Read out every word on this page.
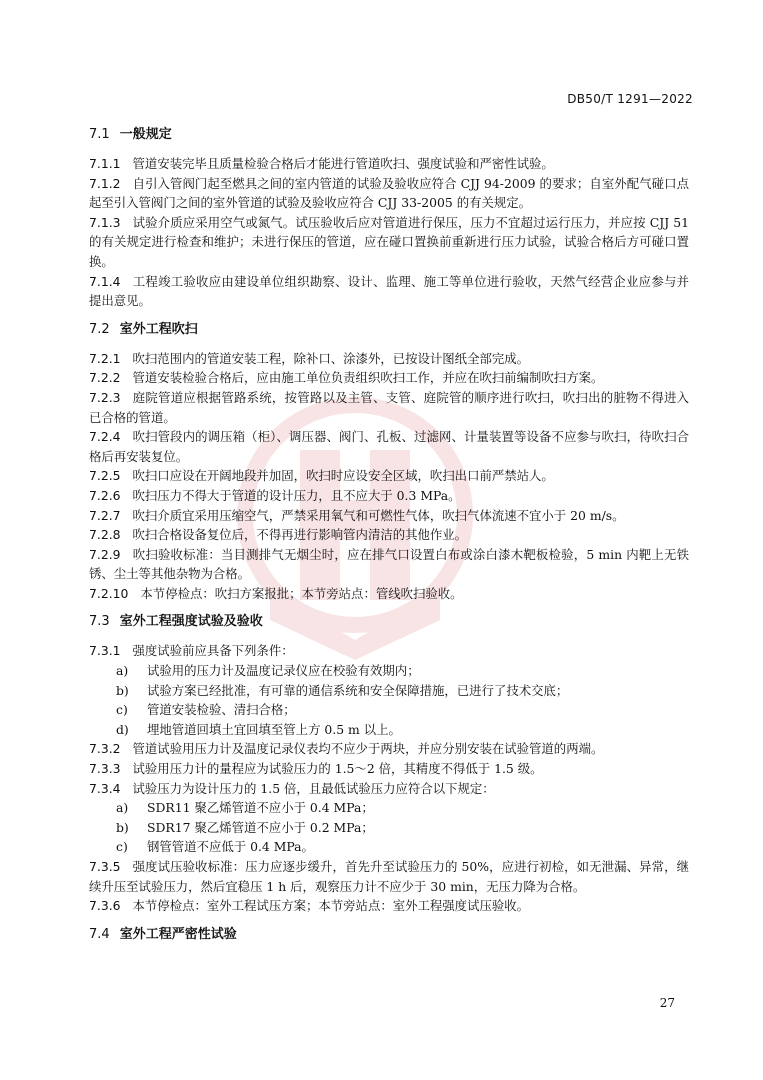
DB50/T 1291—2022
7.1 一般规定

7.1.1 管道安装完毕且质量检验合格后才能进行管道吹扫、强度试验和严密性试验。

7.1.2 自引入管阀门起至燃具之间的室内管道的试验及验收应符合 CJJ 94-2009 的要求；自室外配气碰口点起至引入管阀门之间的室外管道的试验及验收应符合 CJJ 33-2005 的有关规定。

7.1.3 试验介质应采用空气或氮气。试压验收后应对管道进行保压，压力不宜超过运行压力，并应按 CJJ 51 的有关规定进行检查和维护；未进行保压的管道，应在碰口置换前重新进行压力试验，试验合格后方可碰口置换。

7.1.4 工程竣工验收应由建设单位组织勘察、设计、监理、施工等单位进行验收，天然气经营企业应参与并提出意见。

7.2 室外工程吹扫

7.2.1 吹扫范围内的管道安装工程，除补口、涂漆外，已按设计图纸全部完成。

7.2.2 管道安装检验合格后，应由施工单位负责组织吹扫工作，并应在吹扫前编制吹扫方案。

7.2.3 庭院管道应根据管路系统，按管路以及主管、支管、庭院管的顺序进行吹扫，吹扫出的脏物不得进入已合格的管道。

7.2.4 吹扫管段内的调压箱（柜）、调压器、阀门、孔板、过滤网、计量装置等设备不应参与吹扫，待吹扫合格后再安装复位。

7.2.5 吹扫口应设在开阔地段并加固，吹扫时应设安全区域，吹扫出口前严禁站人。

7.2.6 吹扫压力不得大于管道的设计压力，且不应大于 0.3 MPa。

7.2.7 吹扫介质宜采用压缩空气，严禁采用氧气和可燃性气体，吹扫气体流速不宜小于 20 m/s。

7.2.8 吹扫合格设备复位后，不得再进行影响管内清洁的其他作业。

7.2.9 吹扫验收标准：当目测排气无烟尘时，应在排气口设置白布或涂白漆木靶板检验，5 min 内靶上无铁锈、尘土等其他杂物为合格。

7.2.10 本节停检点：吹扫方案报批；本节旁站点：管线吹扫验收。

7.3 室外工程强度试验及验收

7.3.1 强度试验前应具备下列条件：

a) 试验用的压力计及温度记录仪应在校验有效期内；
b) 试验方案已经批准，有可靠的通信系统和安全保障措施，已进行了技术交底；
c) 管道安装检验、清扫合格；
d) 埋地管道回填土宜回填至管上方 0.5 m 以上。

7.3.2 管道试验用压力计及温度记录仪表均不应少于两块，并应分别安装在试验管道的两端。

7.3.3 试验用压力计的量程应为试验压力的 1.5～2 倍，其精度不得低于 1.5 级。

7.3.4 试验压力为设计压力的 1.5 倍，且最低试验压力应符合以下规定：

a) SDR11 聚乙烯管道不应小于 0.4 MPa；
b) SDR17 聚乙烯管道不应小于 0.2 MPa；
c) 钢管管道不应低于 0.4 MPa。

7.3.5 强度试压验收标准：压力应逐步缓升，首先升至试验压力的 50%，应进行初检，如无泄漏、异常，继续升压至试验压力，然后宜稳压 1 h 后，观察压力计不应少于 30 min，无压力降为合格。

7.3.6 本节停检点：室外工程试压方案；本节旁站点：室外工程强度试压验收。

7.4 室外工程严密性试验
27
